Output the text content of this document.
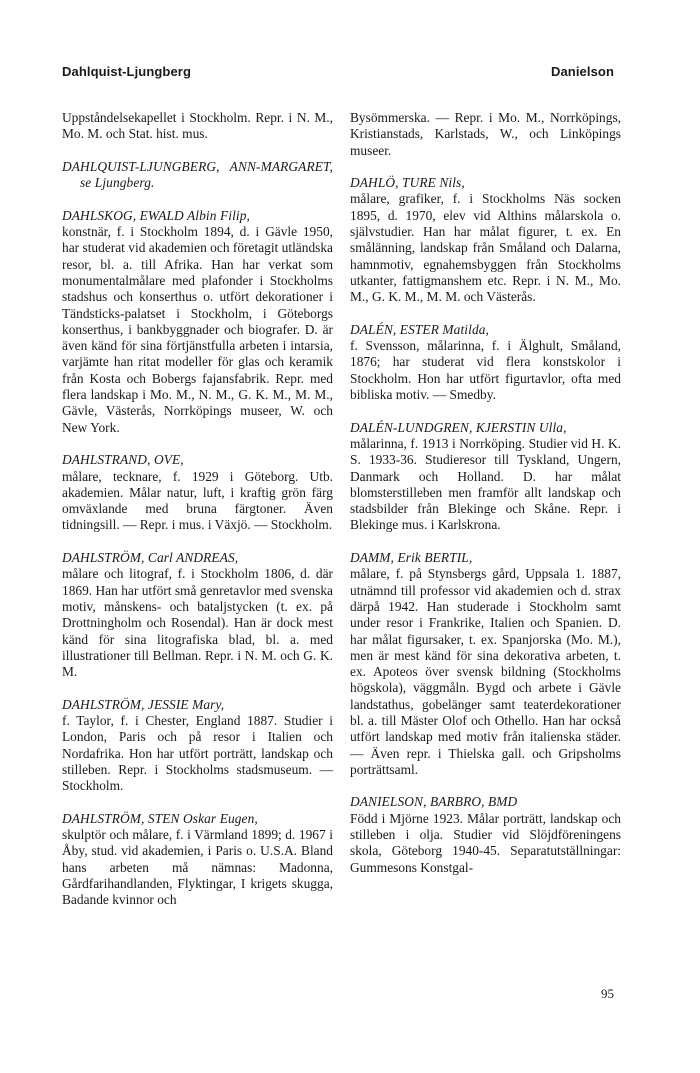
Dahlquist-Ljungberg	Danielson

Uppståndelsekapellet i Stockholm. Repr. i N. M., Mo. M. och Stat. hist. mus.

DAHLQUIST-LJUNGBERG, ANN-MARGARET, se Ljungberg.

DAHLSKOG, EWALD Albin Filip,

konstnär, f. i Stockholm 1894, d. i Gävle 1950, har studerat vid akademien och företagit utländska resor, bl. a. till Afrika. Han har verkat som monumentalmålare med plafonder i Stockholms stadshus och konserthus o. utfört dekorationer i Tändsticks-palatset i Stockholm, i Göteborgs konserthus, i bankbyggnader och biografer. D. är även känd för sina förtjänstfulla arbeten i intarsia, varjämte han ritat modeller för glas och keramik från Kosta och Bobergs fajansfabrik. Repr. med flera landskap i Mo. M., N. M., G. K. M., M. M., Gävle, Västerås, Norrköpings museer, W. och New York.

DAHLSTRAND, OVE,

målare, tecknare, f. 1929 i Göteborg. Utb. akademien. Målar natur, luft, i kraftig grön färg omväxlande med bruna färgtoner. Även tidningsill. — Repr. i mus. i Växjö. — Stockholm.

DAHLSTRÖM, Carl ANDREAS,

målare och litograf, f. i Stockholm 1806, d. där 1869. Han har utfört små genretavlor med svenska motiv, månskens- och bataljstycken (t. ex. på Drottningholm och Rosendal). Han är dock mest känd för sina litografiska blad, bl. a. med illustrationer till Bellman. Repr. i N. M. och G. K. M.

DAHLSTRÖM, JESSIE Mary,

f. Taylor, f. i Chester, England 1887. Studier i London, Paris och på resor i Italien och Nordafrika. Hon har utfört porträtt, landskap och stilleben. Repr. i Stockholms stadsmuseum. — Stockholm.

DAHLSTRÖM, STEN Oskar Eugen,

skulptör och målare, f. i Värmland 1899; d. 1967 i Åby, stud. vid akademien, i Paris o. U.S.A. Bland hans arbeten må nämnas: Madonna, Gårdfarihandlanden, Flyktingar, I krigets skugga, Badande kvinnor och

Bysömmerska. — Repr. i Mo. M., Norrköpings, Kristianstads, Karlstads, W., och Linköpings museer.

DAHLÖ, TURE Nils,

målare, grafiker, f. i Stockholms Näs socken 1895, d. 1970, elev vid Althins målarskola o. självstudier. Han har målat figurer, t. ex. En smålänning, landskap från Småland och Dalarna, hamnmotiv, egnahemsbyggen från Stockholms utkanter, fattigmanshem etc. Repr. i N. M., Mo. M., G. K. M., M. M. och Västerås.

DALÉN, ESTER Matilda,

f. Svensson, målarinna, f. i Älghult, Småland, 1876; har studerat vid flera konstskolor i Stockholm. Hon har utfört figurtavlor, ofta med bibliska motiv. — Smedby.

DALÉN-LUNDGREN, KJERSTIN Ulla,

målarinna, f. 1913 i Norrköping. Studier vid H. K. S. 1933-36. Studieresor till Tyskland, Ungern, Danmark och Holland. D. har målat blomsterstilleben men framför allt landskap och stadsbilder från Blekinge och Skåne. Repr. i Blekinge mus. i Karlskrona.

DAMM, Erik BERTIL,

målare, f. på Stynsbergs gård, Uppsala 1. 1887, utnämnd till professor vid akademien och d. strax därpå 1942. Han studerade i Stockholm samt under resor i Frankrike, Italien och Spanien. D. har målat figursaker, t. ex. Spanjorska (Mo. M.), men är mest känd för sina dekorativa arbeten, t. ex. Apoteos över svensk bildning (Stockholms högskola), väggmåln. Bygd och arbete i Gävle landstathus, gobelänger samt teaterdekorationer bl. a. till Mäster Olof och Othello. Han har också utfört landskap med motiv från italienska städer. — Även repr. i Thielska gall. och Gripsholms porträttsaml.

DANIELSON, BARBRO, BMD

Född i Mjörne 1923. Målar porträtt, landskap och stilleben i olja. Studier vid Slöjdföreningens skola, Göteborg 1940-45. Separatutställningar: Gummesons Konstgal-

95
